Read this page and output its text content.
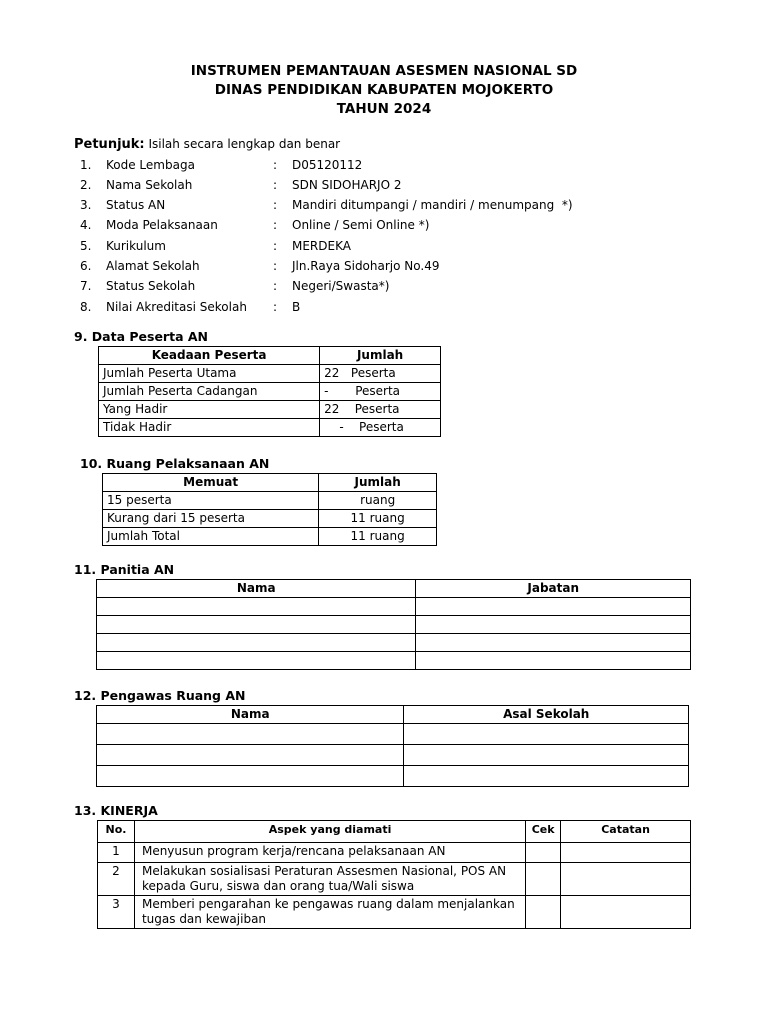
INSTRUMEN PEMANTAUAN ASESMEN NASIONAL SD
DINAS PENDIDIKAN KABUPATEN MOJOKERTO
TAHUN 2024
Petunjuk: Isilah secara lengkap dan benar
1.	Kode Lembaga	: D05120112
2.	Nama Sekolah	: SDN SIDOHARJO 2
3.	Status AN	: Mandiri ditumpangi / mandiri / menumpang  *)
4.	Moda Pelaksanaan	: Online / Semi Online *)
5.	Kurikulum	: MERDEKA
6.	Alamat Sekolah	: Jln.Raya Sidoharjo No.49
7.	Status Sekolah	: Negeri/Swasta*)
8.	Nilai Akreditasi Sekolah : B
9. Data Peserta AN
Keadaan Peserta	Jumlah
Jumlah Peserta Utama	22   Peserta
Jumlah Peserta Cadangan	-       Peserta
Yang Hadir	22    Peserta
Tidak Hadir	-    Peserta
10. Ruang Pelaksanaan AN
Memuat	Jumlah
15 peserta	ruang
Kurang dari 15 peserta	11 ruang
Jumlah Total	11 ruang
11. Panitia AN
Nama	Jabatan

12. Pengawas Ruang AN
Nama	Asal Sekolah

13. KINERJA
No.	Aspek yang diamati	Cek	Catatan
1	Menyusun program kerja/rencana pelaksanaan AN		
2	Melakukan sosialisasi Peraturan Assesmen Nasional, POS AN kepada Guru, siswa dan orang tua/Wali siswa		
3	Memberi pengarahan ke pengawas ruang dalam menjalankan tugas dan kewajiban		
